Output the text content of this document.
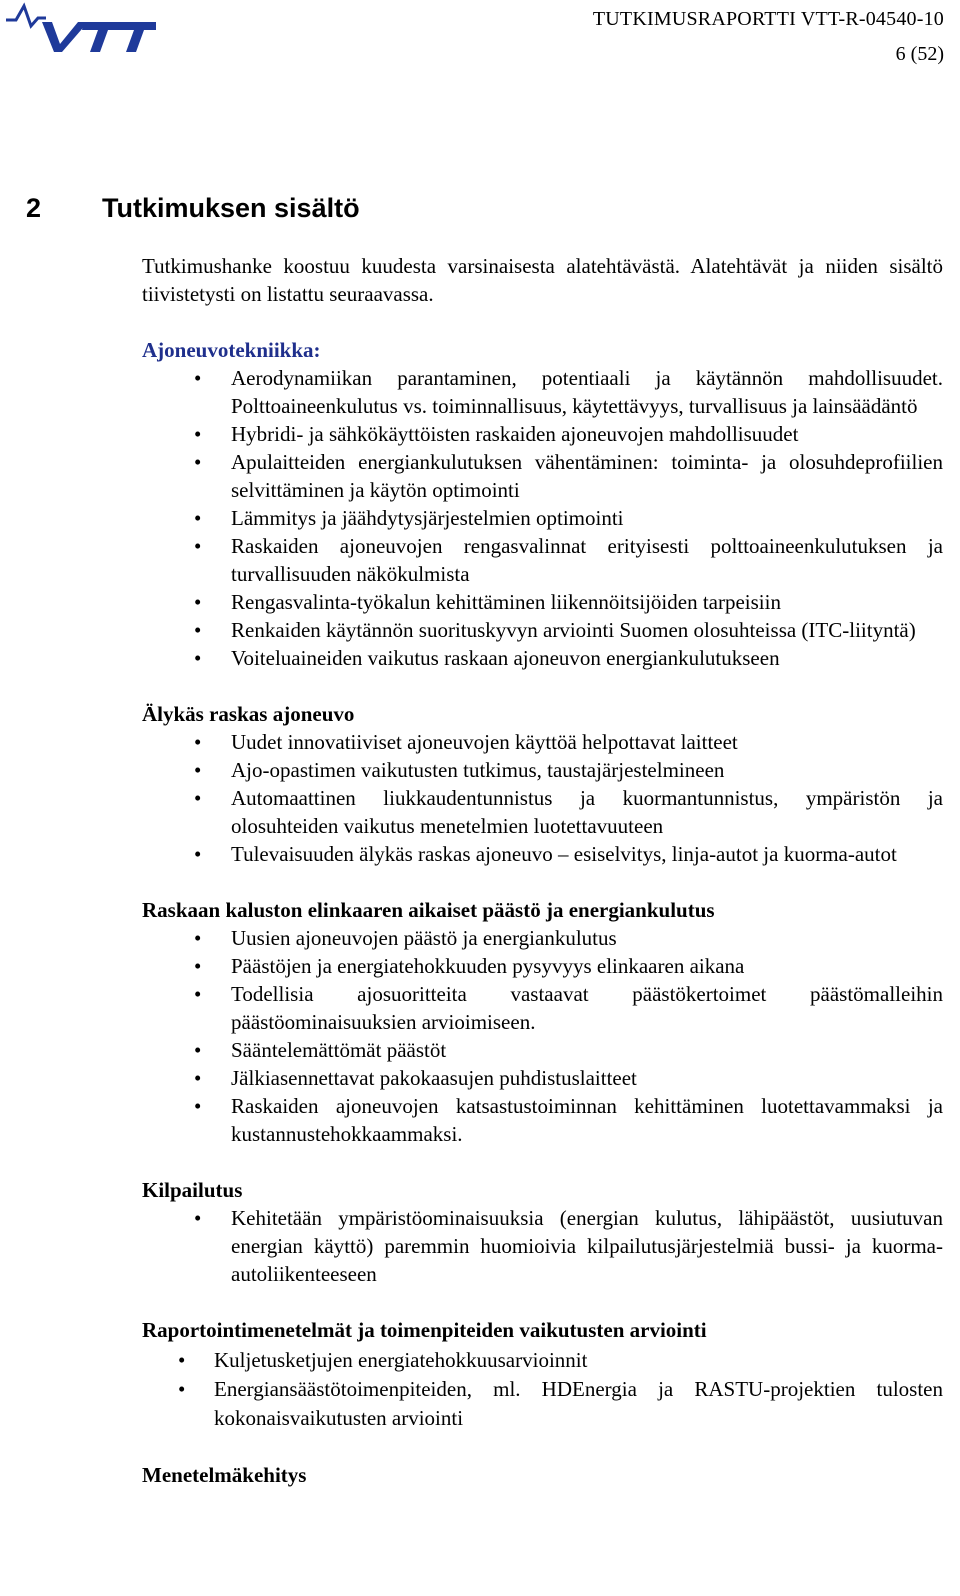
TUTKIMUSRAPORTTI VTT-R-04540-10
6 (52)
2 Tutkimuksen sisältö

Tutkimushanke koostuu kuudesta varsinaisesta alatehtävästä. Alatehtävät ja niiden sisältö tiivistetysti on listattu seuraavassa.

Ajoneuvotekniikka:
• Aerodynamiikan parantaminen, potentiaali ja käytännön mahdollisuudet. Polttoaineenkulutus vs. toiminnallisuus, käytettävyys, turvallisuus ja lainsäädäntö
• Hybridi- ja sähkökäyttöisten raskaiden ajoneuvojen mahdollisuudet
• Apulaitteiden energiankulutuksen vähentäminen: toiminta- ja olosuhdeprofiilien selvittäminen ja käytön optimointi
• Lämmitys ja jäähdytysjärjestelmien optimointi
• Raskaiden ajoneuvojen rengasvalinnat erityisesti polttoaineenkulutuksen ja turvallisuuden näkökulmista
• Rengasvalinta-työkalun kehittäminen liikennöitsijöiden tarpeisiin
• Renkaiden käytännön suorituskyvyn arviointi Suomen olosuhteissa (ITC-liityntä)
• Voiteluaineiden vaikutus raskaan ajoneuvon energiankulutukseen
Älykäs raskas ajoneuvo
• Uudet innovatiiviset ajoneuvojen käyttöä helpottavat laitteet
• Ajo-opastimen vaikutusten tutkimus, taustajärjestelmineen
• Automaattinen liukkaudentunnistus ja kuormantunnistus, ympäristön ja olosuhteiden vaikutus menetelmien luotettavuuteen
• Tulevaisuuden älykäs raskas ajoneuvo – esiselvitys, linja-autot ja kuorma-autot
Raskaan kaluston elinkaaren aikaiset päästö ja energiankulutus
• Uusien ajoneuvojen päästö ja energiankulutus
• Päästöjen ja energiatehokkuuden pysyvyys elinkaaren aikana
• Todellisia ajosuoritteita vastaavat päästökertoimet päästömalleihin päästöominaisuuksien arvioimiseen.
• Sääntelemättömät päästöt
• Jälkiasennettavat pakokaasujen puhdistuslaitteet
• Raskaiden ajoneuvojen katsastustoiminnan kehittäminen luotettavammaksi ja kustannustehokkaammaksi.
Kilpailutus
• Kehitetään ympäristöominaisuuksia (energian kulutus, lähipäästöt, uusiutuvan energian käyttö) paremmin huomioivia kilpailutusjärjestelmiä bussi- ja kuorma-autoliikenteeseen
Raportointimenetelmät ja toimenpiteiden vaikutusten arviointi
• Kuljetusketjujen energiatehokkuusarvioinnit
• Energiansäästötoimenpiteiden, ml. HDEnergia ja RASTU-projektien tulosten kokonaisvaikutusten arviointi
Menetelmäkehitys
